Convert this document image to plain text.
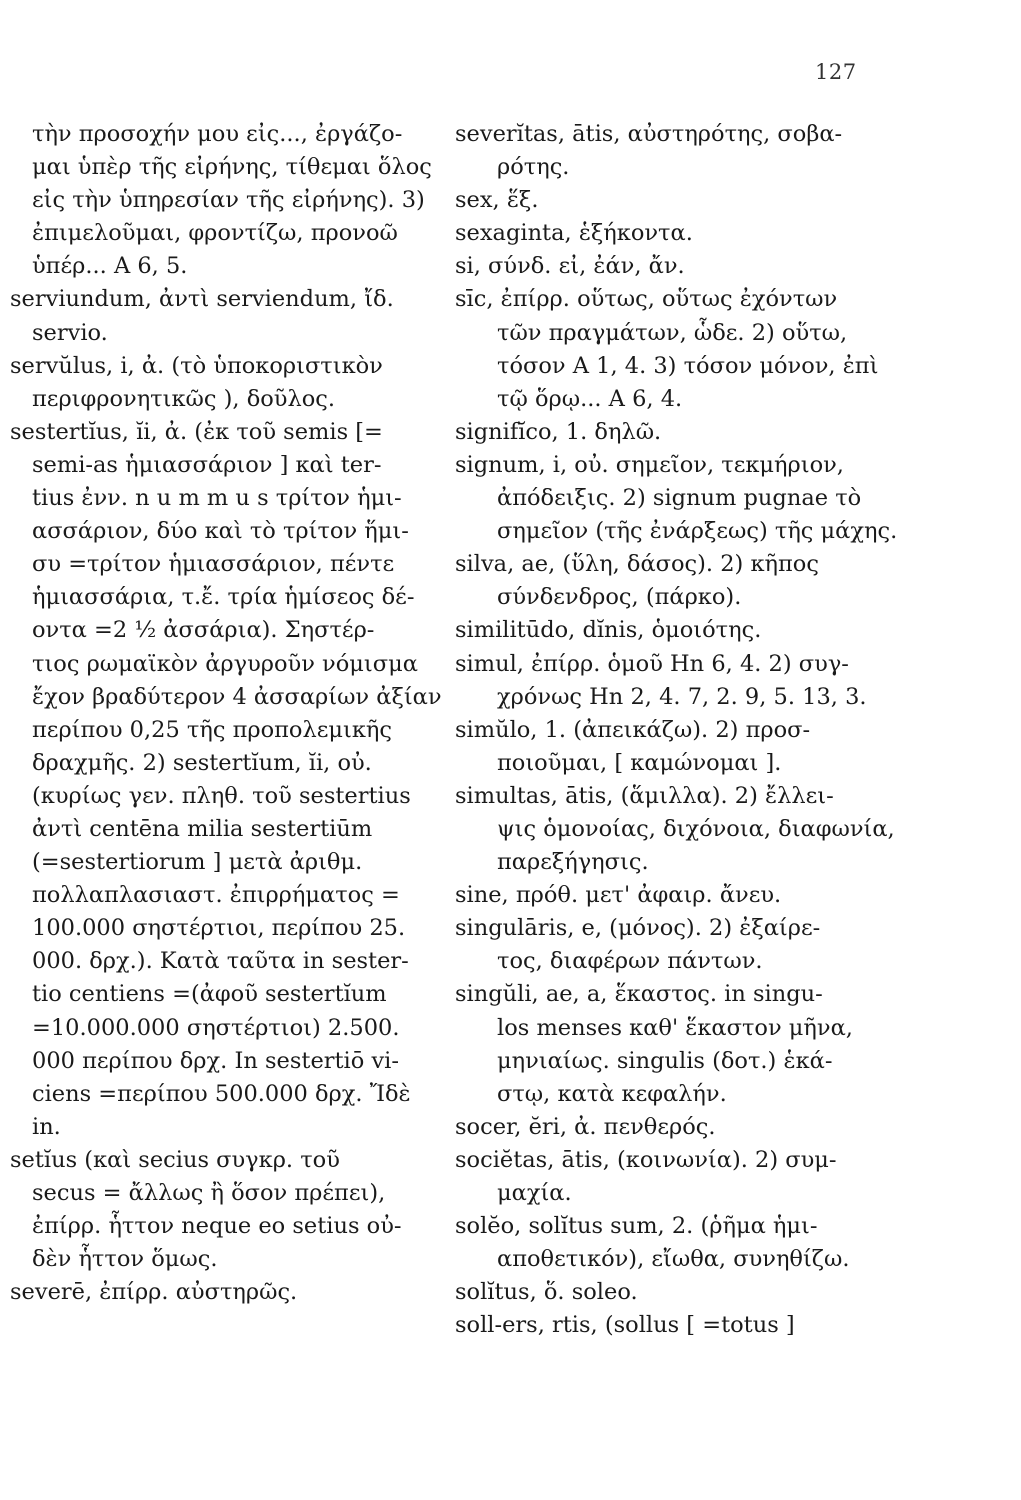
127
τὴν προσοχήν μου εἰς..., ἐργάζο-
μαι ὑπὲρ τῆς εἰρήνης, τίθεμαι ὅλος
εἰς τὴν ὑπηρεσίαν τῆς εἰρήνης). 3)
ἐπιμελοῦμαι, φροντίζω, προνοῶ
ὑπέρ... A 6, 5.
serviundum, ἀντὶ serviendum, ἴδ.
servio.
servŭlus, i, ἀ. (τὸ ὑποκοριστικὸν
περιφρονητικῶς ), δοῦλος.
sestertĭus, ĭi, ἀ. (ἐκ τοῦ semis [=
semi-as ἡμιασσάριον ] καὶ ter-
tius ἐνν. n u m m u s τρίτον ἡμι-
ασσάριον, δύο καὶ τὸ τρίτον ἥμι-
συ =τρίτον ἡμιασσάριον, πέντε
ἡμιασσάρια, τ.ἔ. τρία ἡμίσεος δέ-
οντα =2 ½ ἀσσάρια). Σηστέρ-
τιος ρωμαϊκὸν ἀργυροῦν νόμισμα
ἔχον βραδύτερον 4 ἀσσαρίων ἀξίαν
περίπου 0,25 τῆς προπολεμικῆς
δραχμῆς. 2) sestertĭum, ĭi, οὐ.
(κυρίως γεν. πληθ. τοῦ sestertius
ἀντὶ centēna milia sestertiūm
(=sestertiorum ] μετὰ ἀριθμ.
πολλαπλασιαστ. ἐπιρρήματος =
100.000 σηστέρτιοι, περίπου 25.
000. δρχ.). Κατὰ ταῦτα in sester-
tio centiens =(ἀφοῦ sestertĭum
=10.000.000 σηστέρτιοι) 2.500.
000 περίπου δρχ. In sestertiō vi-
ciens =περίπου 500.000 δρχ. Ἴδὲ
in.
setĭus (καὶ secius συγκρ. τοῦ
secus = ἄλλως ἢ ὅσον πρέπει),
ἐπίρρ. ἧττον neque eo setius οὐ-
δὲν ἧττον ὅμως.
severē, ἐπίρρ. αὐστηρῶς.
severĭtas, ātis, αὐστηρότης, σοβα-
ρότης.
sex, ἕξ.
sexaginta, ἑξήκοντα.
si, σύνδ. εἰ, ἐάν, ἄν.
sīc, ἐπίρρ. οὕτως, οὕτως ἐχόντων
τῶν πραγμάτων, ὧδε. 2) οὕτω,
τόσον A 1, 4. 3) τόσον μόνον, ἐπὶ
τῷ ὅρῳ... A 6, 4.
signifĭco, 1. δηλῶ.
signum, i, οὐ. σημεῖον, τεκμήριον,
ἀπόδειξις. 2) signum pugnae τὸ
σημεῖον (τῆς ἐνάρξεως) τῆς μάχης.
silva, ae, (ὕλη, δάσος). 2) κῆπος
σύνδενδρος, (πάρκο).
similitūdo, dĭnis, ὁμοιότης.
simul, ἐπίρρ. ὁμοῦ Hn 6, 4. 2) συγ-
χρόνως Hn 2, 4. 7, 2. 9, 5. 13, 3.
simŭlo, 1. (ἀπεικάζω). 2) προσ-
ποιοῦμαι, [ καμώνομαι ].
simultas, ātis, (ἅμιλλα). 2) ἔλλει-
ψις ὁμονοίας, διχόνοια, διαφωνία,
παρεξήγησις.
sine, πρόθ. μετ' ἀφαιρ. ἄνευ.
singulāris, e, (μόνος). 2) ἐξαίρε-
τος, διαφέρων πάντων.
singŭli, ae, a, ἕκαστος. in singu-
los menses καθ' ἕκαστον μῆνα,
μηνιαίως. singulis (δοτ.) ἑκά-
στῳ, κατὰ κεφαλήν.
socer, ĕri, ἀ. πενθερός.
sociĕtas, ātis, (κοινωνία). 2) συμ-
μαχία.
solĕo, solĭtus sum, 2. (ῥῆμα ἡμι-
αποθετικόν), εἴωθα, συνηθίζω.
solĭtus, ὅ. soleo.
soll-ers, rtis, (sollus [ =totus ]
